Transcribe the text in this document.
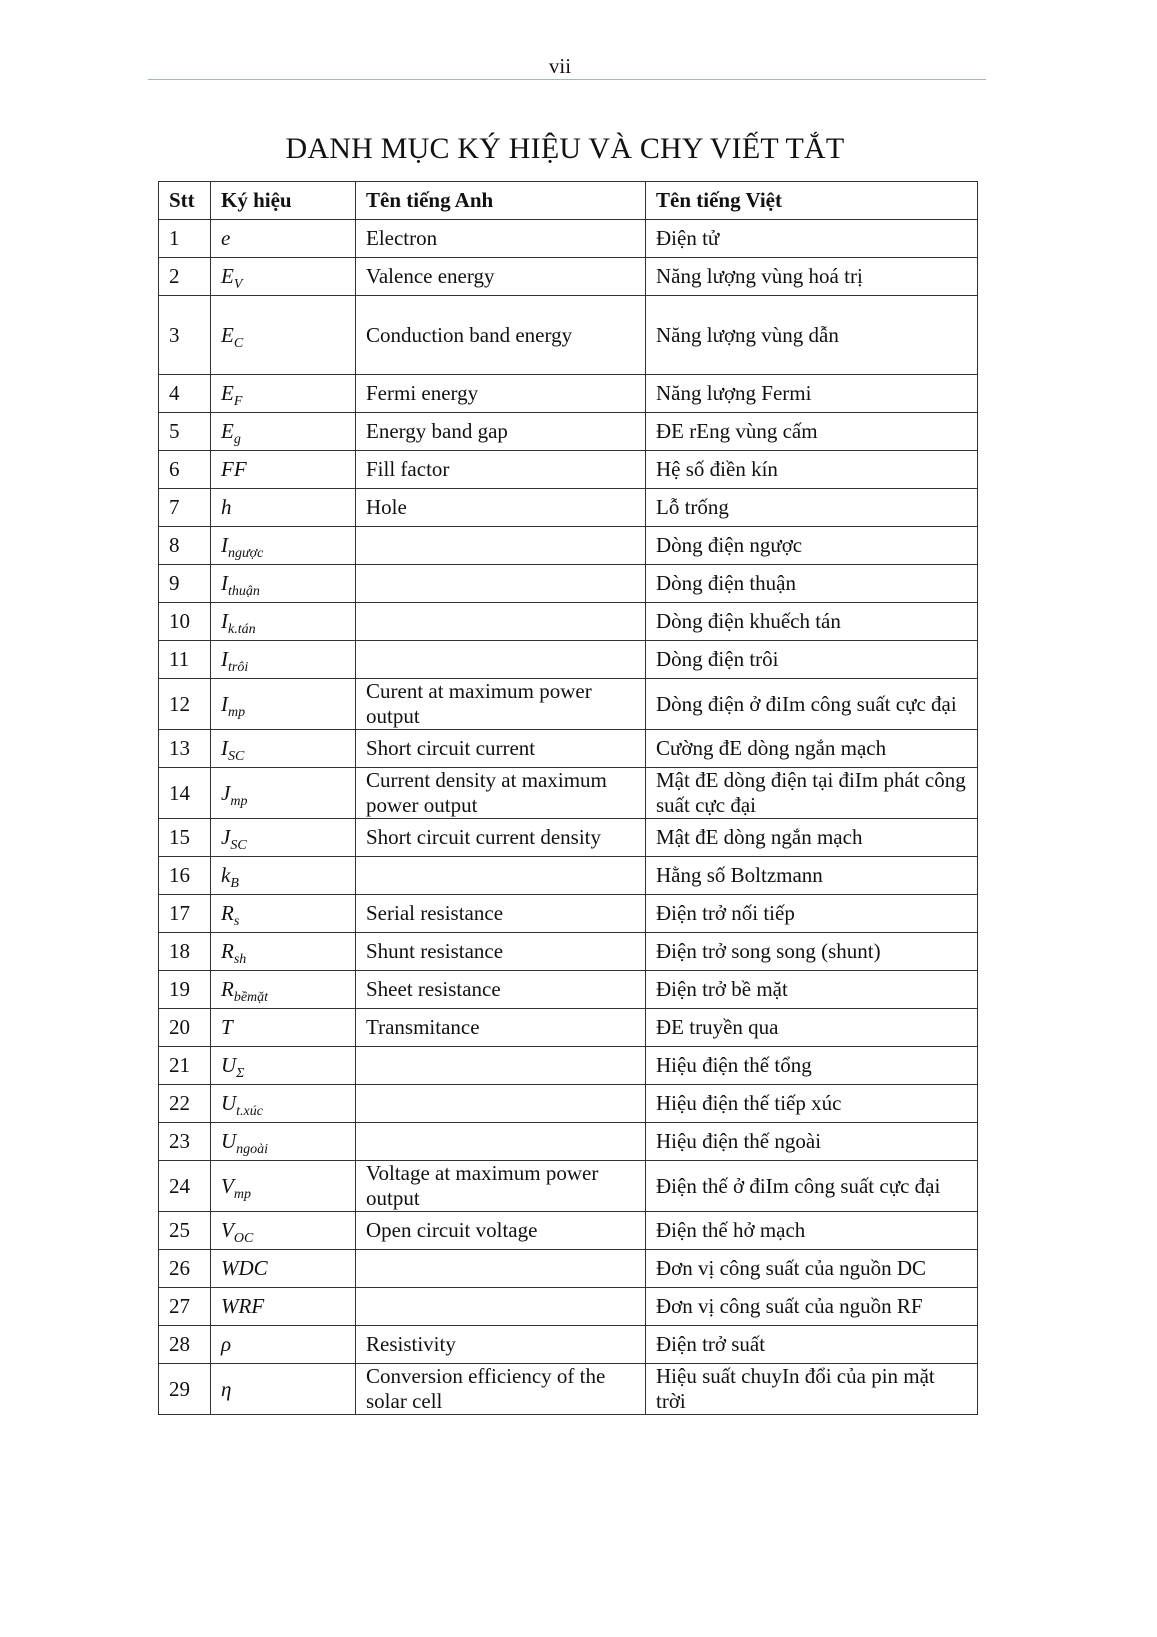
vii
DANH MỤC KÝ HIỆU VÀ CHY VIẾT TẮT
Stt	Ký hiệu	Tên tiếng Anh	Tên tiếng Việt
1	e	Electron	Điện tử
2	$E_V$	Valence energy	Năng lượng vùng hoá trị
3	$E_C$	Conduction band energy	Năng lượng vùng dẫn
4	$E_F$	Fermi energy	Năng lượng Fermi
5	$E_g$	Energy band gap	ĐE rEng vùng cấm
6	FF	Fill factor	Hệ số điền kín
7	h	Hole	Lỗ trống
8	$I_{ngược}$		Dòng điện ngược
9	$I_{thuận}$		Dòng điện thuận
10	$I_{k.tán}$		Dòng điện khuếch tán
11	$I_{trôi}$		Dòng điện trôi
12	$I_{mp}$	Curent at maximum power output	Dòng điện ở điIm công suất cực đại
13	$I_{SC}$	Short circuit current	Cường đE dòng ngắn mạch
14	$J_{mp}$	Current density at maximum power output	Mật đE dòng điện tại điIm phát công suất cực đại
15	$J_{SC}$	Short circuit current density	Mật đE dòng ngắn mạch
16	$k_B$		Hằng số Boltzmann
17	$R_s$	Serial resistance	Điện trở nối tiếp
18	$R_{sh}$	Shunt resistance	Điện trở song song (shunt)
19	$R_{bềmặt}$	Sheet resistance	Điện trở bề mặt
20	T	Transmitance	ĐE truyền qua
21	$U_\Sigma$		Hiệu điện thế tổng
22	$U_{t.xúc}$		Hiệu điện thế tiếp xúc
23	$U_{ngoài}$		Hiệu điện thế ngoài
24	$V_{mp}$	Voltage at maximum power output	Điện thế ở điIm công suất cực đại
25	$V_{OC}$	Open circuit voltage	Điện thế hở mạch
26	WDC		Đơn vị công suất của nguồn DC
27	WRF		Đơn vị công suất của nguồn RF
28	ρ	Resistivity	Điện trở suất
29	η	Conversion efficiency of the solar cell	Hiệu suất chuyIn đổi của pin mặt trời
